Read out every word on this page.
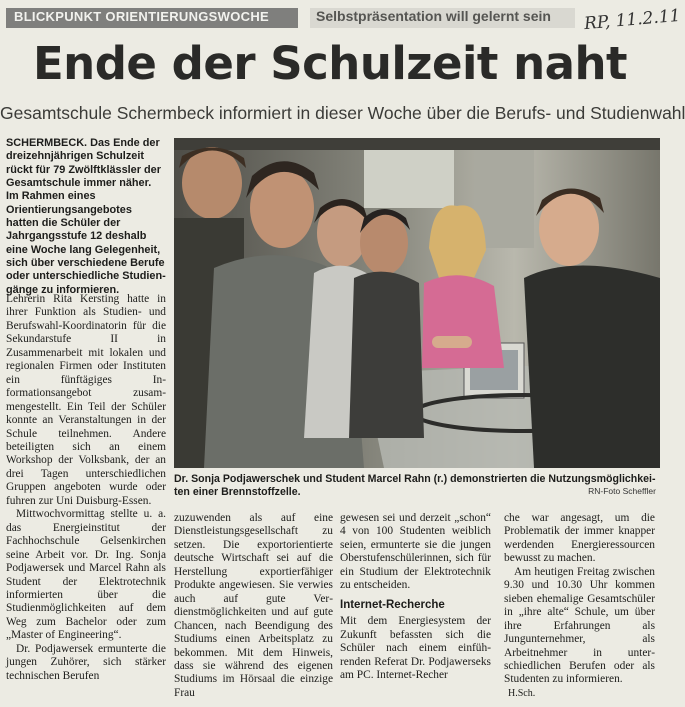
BLICKPUNKT ORIENTIERUNGSWOCHE	Selbstpräsentation will gelernt sein RP, 11.2.11
Ende der Schulzeit naht
Gesamtschule Schermbeck informiert in dieser Woche über die Berufs- und Studienwahl
SCHERMBECK. Das Ende der dreizehnjährigen Schulzeit rückt für 79 Zwölftklässler der Gesamtschule immer näher. Im Rahmen eines Orientierungsangebotes hatten die Schüler der Jahrgangsstufe 12 deshalb eine Woche lang Gelegenheit, sich über verschiedene Berufe oder unterschiedliche Studiengänge zu informieren.

Lehrerin Rita Kersting hatte in ihrer Funktion als Studien- und Berufswahl-Koordinatorin für die Sekundarstufe II in Zusammenarbeit mit lokalen und regionalen Firmen oder Instituten ein fünftägiges Informationsangebot zusammengestellt. Ein Teil der Schüler konnte an Veranstaltungen in der Schule teilnehmen. Andere beteiligten sich an einem Workshop der Volksbank, der an drei Tagen unterschiedlichen Gruppen angeboten wurde oder fuhren zur Uni Duisburg-Essen.

Mittwochvormittag stellte u. a. das Energieinstitut der Fachhochschule Gelsenkirchen seine Arbeit vor. Dr. Ing. Sonja Podjawersek und Marcel Rahn als Student der Elektrotechnik informierten über die Studienmöglichkeiten auf dem Weg zum Bachelor oder zum „Master of Engineering“.

Dr. Podjawersek ermunterte die jungen Zuhörer, sich stärker technischen Berufen

Dr. Sonja Podjawerschek und Student Marcel Rahn (r.) demonstrierten die Nutzungsmöglichkeiten einer Brennstoffzelle.	RN-Foto Scheffler

zuzuwenden als auf eine Dienstleistungsgesellschaft zu setzen. Die exportorientierte deutsche Wirtschaft sei auf die Herstellung exportierfähiger Produkte angewiesen. Sie verwies auch auf gute Verdienstmöglichkeiten und auf gute Chancen, nach Beendigung des Studiums einen Arbeitsplatz zu bekommen. Mit dem Hinweis, dass sie während des eigenen Studiums im Hörsaal die einzige Frau

gewesen sei und derzeit „schon“ 4 von 100 Studenten weiblich seien, ermunterte sie die jungen Oberstufenschülerinnen, sich für ein Studium der Elektrotechnik zu entscheiden.

Internet-Recherche

Mit dem Energiesystem der Zukunft befassten sich die Schüler nach einem einführenden Referat Dr. Podjawerseks am PC. Internet-Recher

che war angesagt, um die Problematik der immer knapper werdenden Energieressourcen bewusst zu machen.

Am heutigen Freitag zwischen 9.30 und 10.30 Uhr kommen sieben ehemalige Gesamtschüler in „ihre alte“ Schule, um über ihre Erfahrungen als Jungunternehmer, als Arbeitnehmer in unterschiedlichen Berufen oder als Studenten zu informieren.

H.Sch.
